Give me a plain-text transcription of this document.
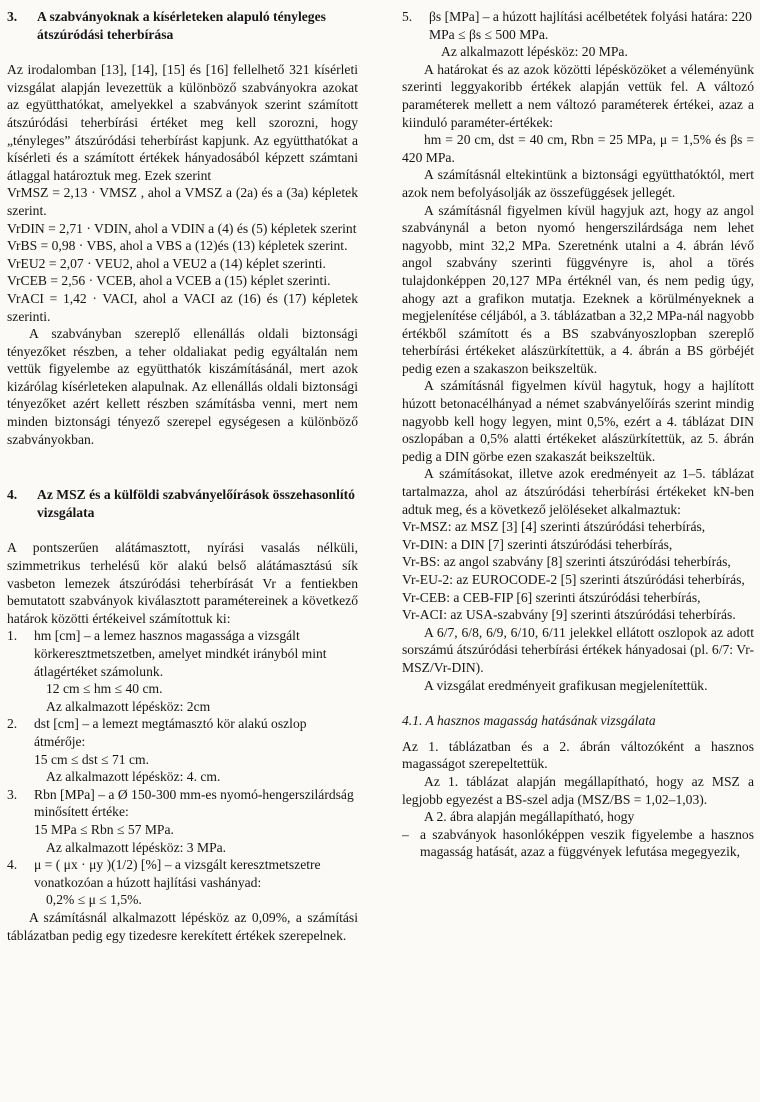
3.	A szabványoknak a kísérleteken alapuló tényleges átszúródási teherbírása

Az irodalomban [13], [14], [15] és [16] fellelhető 321 kísérleti vizsgálat alapján levezettük a különböző szabványokra azokat az együtthatókat, amelyekkel a szabványok szerint számított átszúródási teherbírási értéket meg kell szorozni, hogy „tényleges” átszúródási teherbírást kapjunk. Az együtthatókat a kísérleti és a számított értékek hányadosából képzett számtani átlaggal határoztuk meg. Ezek szerint

VrMSZ = 2,13 · VMSZ , ahol a VMSZ a (2a) és a (3a) képletek szerint.

VrDIN = 2,71 · VDIN, ahol a VDIN a (4) és (5) képletek szerint

VrBS = 0,98 · VBS, ahol a VBS a (12)és (13) képletek szerint.

VrEU2 = 2,07 · VEU2, ahol a VEU2 a (14) képlet szerinti.

VrCEB = 2,56 · VCEB, ahol a VCEB a (15) képlet szerinti.

VrACI = 1,42 · VACI, ahol a VACI az (16) és (17) képletek szerinti.

A szabványban szereplő ellenállás oldali biztonsági tényezőket részben, a teher oldaliakat pedig egyáltalán nem vettük figyelembe az együtthatók kiszámításánál, mert azok kizárólag kísérleteken alapulnak. Az ellenállás oldali biztonsági tényezőket azért kellett részben számításba venni, mert nem minden biztonsági tényező szerepel egységesen a különböző szabványokban.

4.	Az MSZ és a külföldi szabványelőírások összehasonlító vizsgálata

A pontszerűen alátámasztott, nyírási vasalás nélküli, szimmetrikus terhelésű kör alakú belső alátámasztású sík vasbeton lemezek átszúródási teherbírását Vr a fentiekben bemutatott szabványok kiválasztott paramétereinek a következő határok közötti értékeivel számítottuk ki:

1.	hm [cm] – a lemez hasznos magassága a vizsgált körkeresztmetszetben, amelyet mindkét irányból mint átlagértéket számolunk.

12 cm ≤ hm ≤ 40 cm.

Az alkalmazott lépésköz: 2cm

2.	dst [cm] – a lemezt megtámasztó kör alakú oszlop átmérője:

15 cm ≤ dst ≤ 71 cm.

Az alkalmazott lépésköz: 4. cm.

3.	Rbn [MPa] – a Ø 150-300 mm-es nyomó-hengerszilárdság minősített értéke:

15 MPa ≤ Rbn ≤ 57 MPa.

Az alkalmazott lépésköz: 3 MPa.

4.	μ = ( μx · μy )(1/2) [%] – a vizsgált keresztmetszetre vonatkozóan a húzott hajlítási vashányad:

0,2% ≤ μ ≤ 1,5%.

A számításnál alkalmazott lépésköz az 0,09%, a számítási táblázatban pedig egy tizedesre kerekített értékek szerepelnek.

5.	βs [MPa] – a húzott hajlítási acélbetétek folyási határa: 220 MPa ≤ βs ≤ 500 MPa.

Az alkalmazott lépésköz: 20 MPa.

A határokat és az azok közötti lépésközöket a véleményünk szerinti leggyakoribb értékek alapján vettük fel. A változó paraméterek mellett a nem változó paraméterek értékei, azaz a kiinduló paraméter-értékek:

hm = 20 cm, dst = 40 cm, Rbn = 25 MPa, μ = 1,5% és βs = 420 MPa.

A számításnál eltekintünk a biztonsági együtthatóktól, mert azok nem befolyásolják az összefüggések jellegét.

A számításnál figyelmen kívül hagyjuk azt, hogy az angol szabványnál a beton nyomó hengerszilárdsága nem lehet nagyobb, mint 32,2 MPa. Szeretnénk utalni a 4. ábrán lévő angol szabvány szerinti függvényre is, ahol a törés tulajdonképpen 20,127 MPa értéknél van, és nem pedig úgy, ahogy azt a grafikon mutatja. Ezeknek a körülményeknek a megjelenítése céljából, a 3. táblázatban a 32,2 MPa-nál nagyobb értékből számított és a BS szabványoszlopban szereplő teherbírási értékeket alászürkítettük, a 4. ábrán a BS görbéjét pedig ezen a szakaszon beikszeltük.

A számításnál figyelmen kívül hagytuk, hogy a hajlított húzott betonacélhányad a német szabványelőírás szerint mindig nagyobb kell hogy legyen, mint 0,5%, ezért a 4. táblázat DIN oszlopában a 0,5% alatti értékeket alászürkítettük, az 5. ábrán pedig a DIN görbe ezen szakaszát beikszeltük.

A számításokat, illetve azok eredményeit az 1–5. táblázat tartalmazza, ahol az átszúródási teherbírási értékeket kN-ben adtuk meg, és a következő jelöléseket alkalmaztuk:

Vr-MSZ: az MSZ [3] [4] szerinti átszúródási teherbírás,

Vr-DIN: a DIN [7] szerinti átszúródási teherbírás,

Vr-BS: az angol szabvány [8] szerinti átszúródási teherbírás,

Vr-EU-2: az EUROCODE-2 [5] szerinti átszúródási teherbírás,

Vr-CEB: a CEB-FIP [6] szerinti átszúródási teherbírás,

Vr-ACI: az USA-szabvány [9] szerinti átszúródási teherbírás.

A 6/7, 6/8, 6/9, 6/10, 6/11 jelekkel ellátott oszlopok az adott sorszámú átszúródási teherbírási értékek hányadosai (pl. 6/7: Vr-MSZ/Vr-DIN).

A vizsgálat eredményeit grafikusan megjelenítettük.

4.1. A hasznos magasság hatásának vizsgálata

Az 1. táblázatban és a 2. ábrán változóként a hasznos magasságot szerepeltettük.

Az 1. táblázat alapján megállapítható, hogy az MSZ a legjobb egyezést a BS-szel adja (MSZ/BS = 1,02–1,03).

A 2. ábra alapján megállapítható, hogy

– a szabványok hasonlóképpen veszik figyelembe a hasznos magasság hatását, azaz a függvények lefutása megegyezik,
